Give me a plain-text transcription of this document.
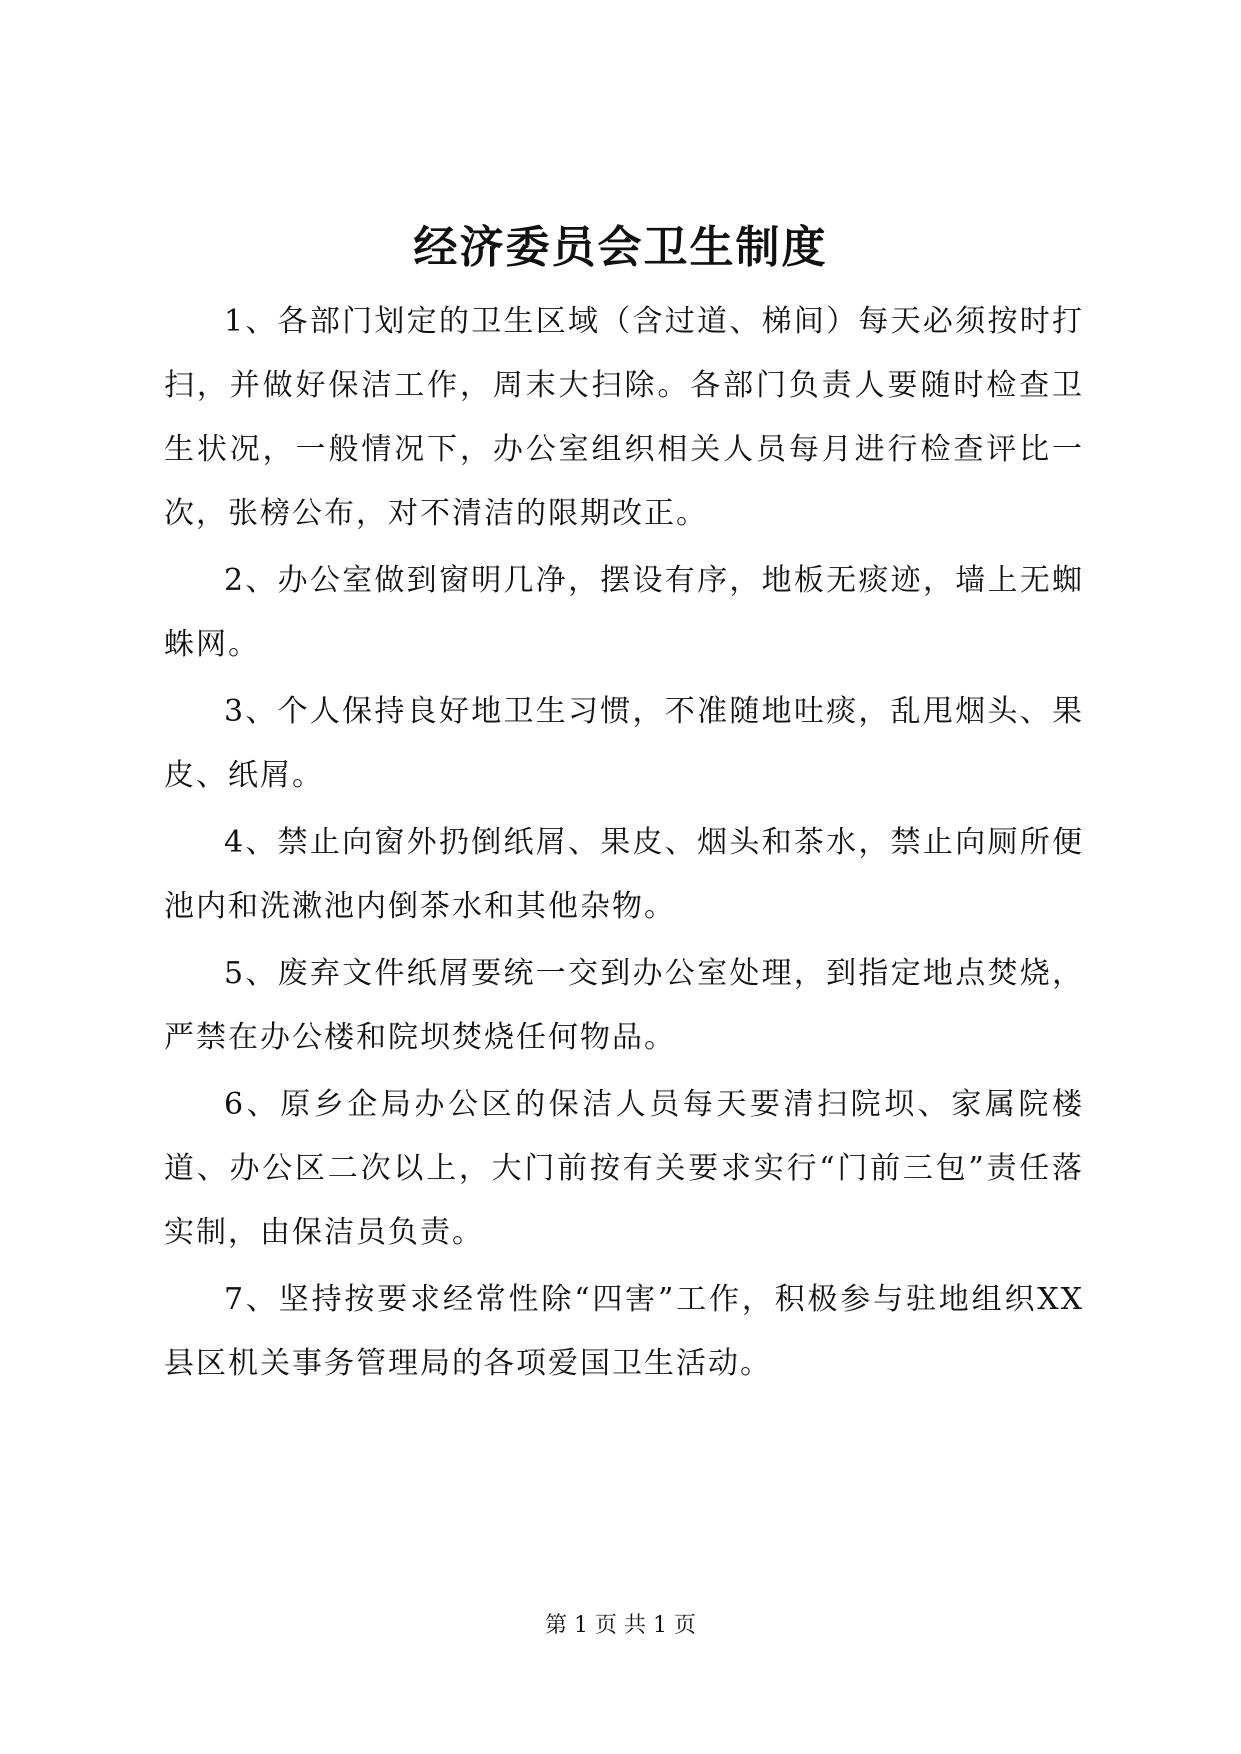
经济委员会卫生制度

1、各部门划定的卫生区域（含过道、梯间）每天必须按时打扫，并做好保洁工作，周末大扫除。各部门负责人要随时检查卫生状况，一般情况下，办公室组织相关人员每月进行检查评比一次，张榜公布，对不清洁的限期改正。

2、办公室做到窗明几净，摆设有序，地板无痰迹，墙上无蜘蛛网。

3、个人保持良好地卫生习惯，不准随地吐痰，乱甩烟头、果皮、纸屑。

4、禁止向窗外扔倒纸屑、果皮、烟头和茶水，禁止向厕所便池内和洗漱池内倒茶水和其他杂物。

5、废弃文件纸屑要统一交到办公室处理，到指定地点焚烧，严禁在办公楼和院坝焚烧任何物品。

6、原乡企局办公区的保洁人员每天要清扫院坝、家属院楼道、办公区二次以上，大门前按有关要求实行“门前三包”责任落实制，由保洁员负责。

7、坚持按要求经常性除“四害”工作，积极参与驻地组织XX县区机关事务管理局的各项爱国卫生活动。

第 1 页 共 1 页
